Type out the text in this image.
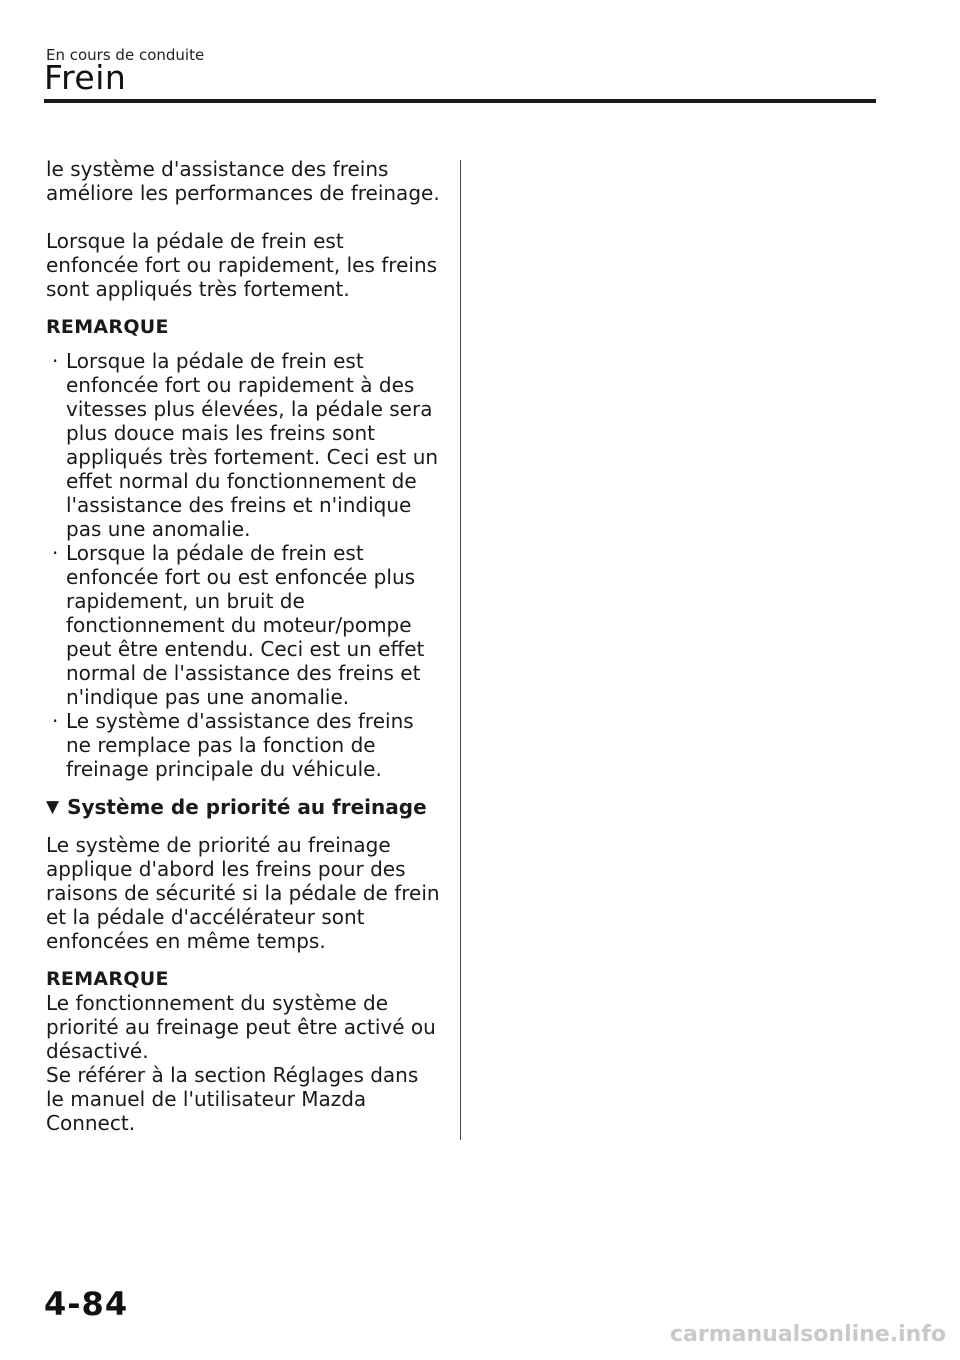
En cours de conduite
Frein

le système d'assistance des freins améliore les performances de freinage.

Lorsque la pédale de frein est enfoncée fort ou rapidement, les freins sont appliqués très fortement.

REMARQUE
· Lorsque la pédale de frein est enfoncée fort ou rapidement à des vitesses plus élevées, la pédale sera plus douce mais les freins sont appliqués très fortement. Ceci est un effet normal du fonctionnement de l'assistance des freins et n'indique pas une anomalie.
· Lorsque la pédale de frein est enfoncée fort ou est enfoncée plus rapidement, un bruit de fonctionnement du moteur/pompe peut être entendu. Ceci est un effet normal de l'assistance des freins et n'indique pas une anomalie.
· Le système d'assistance des freins ne remplace pas la fonction de freinage principale du véhicule.
▼ Système de priorité au freinage

Le système de priorité au freinage applique d'abord les freins pour des raisons de sécurité si la pédale de frein et la pédale d'accélérateur sont enfoncées en même temps.

REMARQUE

Le fonctionnement du système de priorité au freinage peut être activé ou désactivé.

Se référer à la section Réglages dans le manuel de l'utilisateur Mazda Connect.

4-84
carmanualsonline.info
